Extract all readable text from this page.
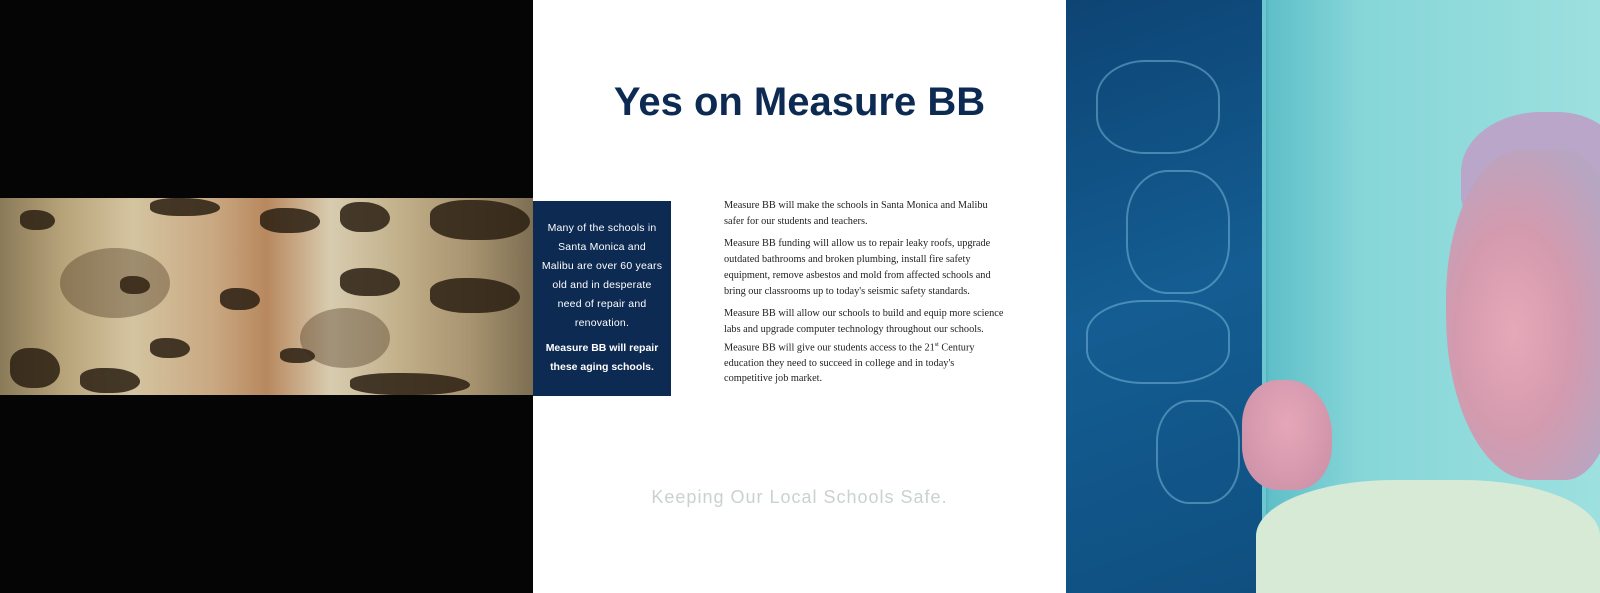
Yes on Measure BB
Many of the schools in Santa Monica and Malibu are over 60 years old and in desperate need of repair and renovation.
Measure BB will repair these aging schools.

Measure BB will make the schools in Santa Monica and Malibu safer for our students and teachers.

Measure BB funding will allow us to repair leaky roofs, upgrade outdated bathrooms and broken plumbing, install fire safety equipment, remove asbestos and mold from affected schools and bring our classrooms up to today's seismic safety standards.

Measure BB will allow our schools to build and equip more science labs and upgrade computer technology throughout our schools. Measure BB will give our students access to the 21st Century education they need to succeed in college and in today's competitive job market.

Keeping Our Local Schools Safe.
